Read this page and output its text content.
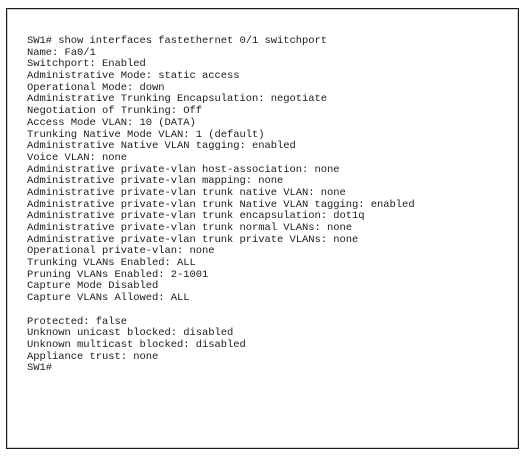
SW1# show interfaces fastethernet 0/1 switchport
Name: Fa0/1
Switchport: Enabled
Administrative Mode: static access
Operational Mode: down
Administrative Trunking Encapsulation: negotiate
Negotiation of Trunking: Off
Access Mode VLAN: 10 (DATA)
Trunking Native Mode VLAN: 1 (default)
Administrative Native VLAN tagging: enabled
Voice VLAN: none
Administrative private-vlan host-association: none
Administrative private-vlan mapping: none
Administrative private-vlan trunk native VLAN: none
Administrative private-vlan trunk Native VLAN tagging: enabled
Administrative private-vlan trunk encapsulation: dot1q
Administrative private-vlan trunk normal VLANs: none
Administrative private-vlan trunk private VLANs: none
Operational private-vlan: none
Trunking VLANs Enabled: ALL
Pruning VLANs Enabled: 2-1001
Capture Mode Disabled
Capture VLANs Allowed: ALL
Protected: false
Unknown unicast blocked: disabled
Unknown multicast blocked: disabled
Appliance trust: none
SW1#
